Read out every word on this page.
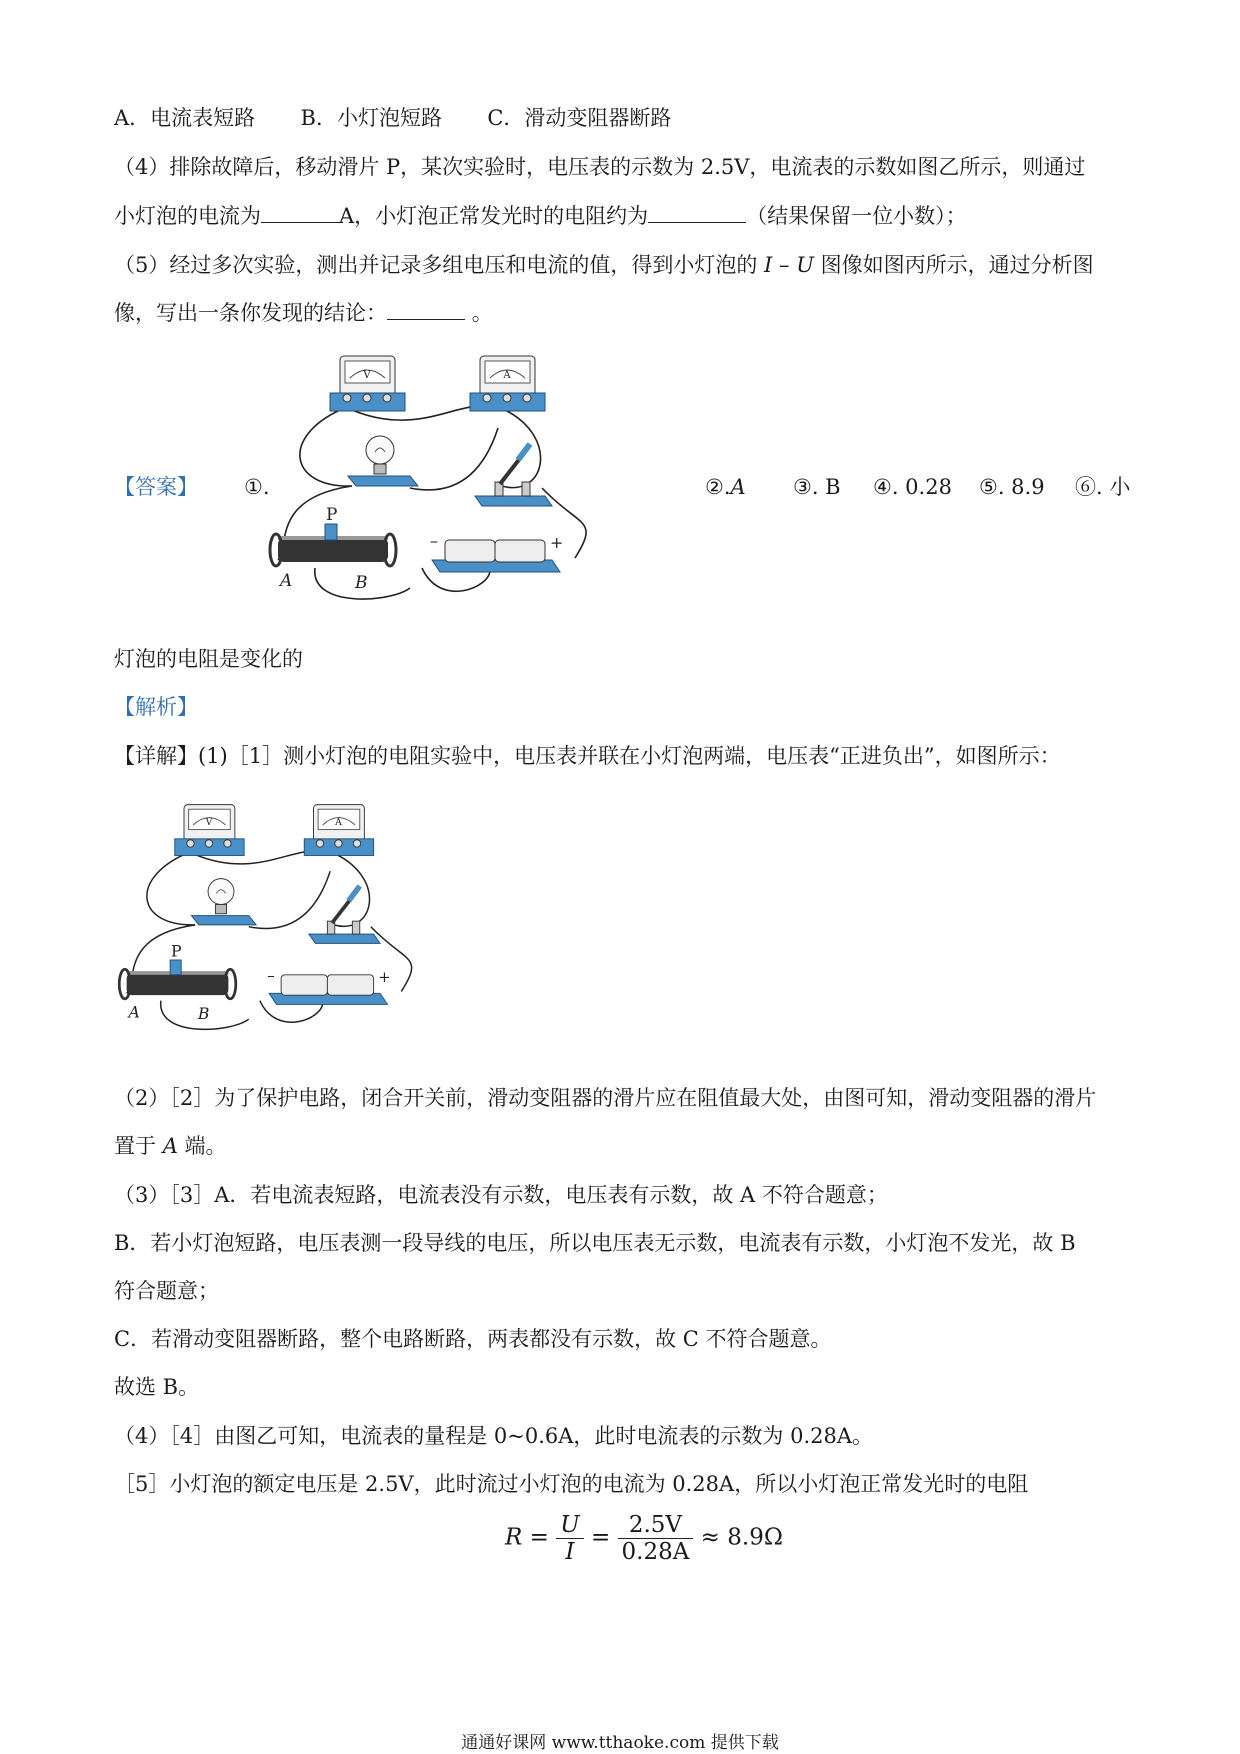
A．电流表短路 B．小灯泡短路 C．滑动变阻器断路
（4）排除故障后，移动滑片 P，某次实验时，电压表的示数为 2.5V，电流表的示数如图乙所示，则通过
小灯泡的电流为	A，小灯泡正常发光时的电阻约为	（结果保留一位小数）；
（5）经过多次实验，测出并记录多组电压和电流的值，得到小灯泡的 I – U 图像如图丙所示，通过分析图
像，写出一条你发现的结论：	。
【答案】 ①.	②.A ③. B ④. 0.28 ⑤. 8.9 ⑥. 小
V	A
P
A	B
–	+
灯泡的电阻是变化的
【解析】
【详解】(1)［1］测小灯泡的电阻实验中，电压表并联在小灯泡两端，电压表“正进负出”，如图所示：
V	A
P
A	B
–	+
（2）［2］为了保护电路，闭合开关前，滑动变阻器的滑片应在阻值最大处，由图可知，滑动变阻器的滑片
置于 A 端。
（3）［3］A．若电流表短路，电流表没有示数，电压表有示数，故 A 不符合题意；
B．若小灯泡短路，电压表测一段导线的电压，所以电压表无示数，电流表有示数，小灯泡不发光，故 B
符合题意；
C．若滑动变阻器断路，整个电路断路，两表都没有示数，故 C 不符合题意。
故选 B。
（4）［4］由图乙可知，电流表的量程是 0~0.6A，此时电流表的示数为 0.28A。
［5］小灯泡的额定电压是 2.5V，此时流过小灯泡的电流为 0.28A，所以小灯泡正常发光时的电阻
$R = \frac{U}{I} = \frac{2.5V}{0.28A} \approx 8.9\Omega$
通通好课网 www.tthaoke.com 提供下载
